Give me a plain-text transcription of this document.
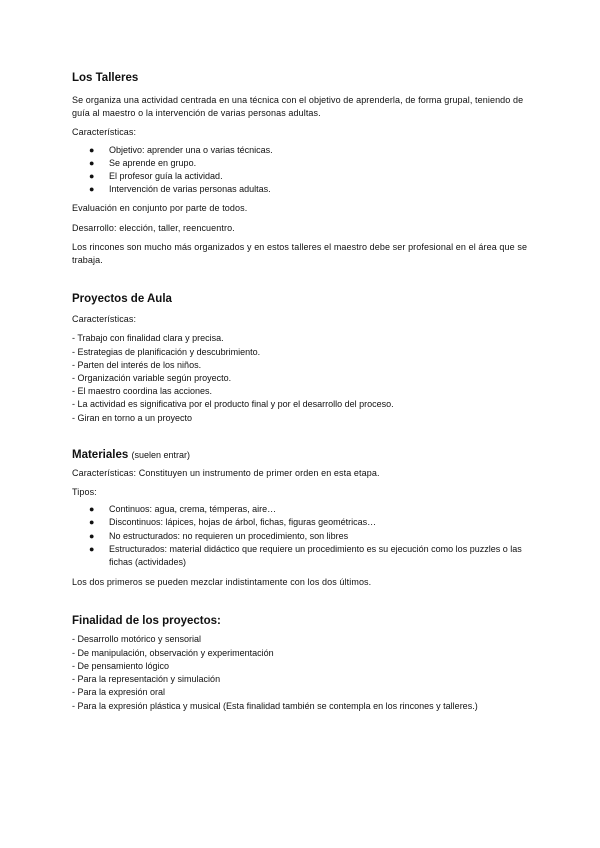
Los Talleres

Se organiza una actividad centrada en una técnica con el objetivo de aprenderla, de forma grupal, teniendo de guía al maestro o la intervención de varias personas adultas.

Características:

● Objetivo: aprender una o varias técnicas.
● Se aprende en grupo.
● El profesor guía la actividad.
● Intervención de varias personas adultas.

Evaluación en conjunto por parte de todos.

Desarrollo: elección, taller, reencuentro.

Los rincones son mucho más organizados y en estos talleres el maestro debe ser profesional en el área que se trabaja.

Proyectos de Aula

Características:

- Trabajo con finalidad clara y precisa.
- Estrategias de planificación y descubrimiento.
- Parten del interés de los niños.
- Organización variable según proyecto.
- El maestro coordina las acciones.
- La actividad es significativa por el producto final y por el desarrollo del proceso.
- Giran en torno a un proyecto

Materiales (suelen entrar)

Características: Constituyen un instrumento de primer orden en esta etapa.

Tipos:

● Continuos: agua, crema, témperas, aire…
● Discontinuos: lápices, hojas de árbol, fichas, figuras geométricas…
● No estructurados: no requieren un procedimiento, son libres
● Estructurados: material didáctico que requiere un procedimiento es su ejecución como los puzzles o las fichas (actividades)

Los dos primeros se pueden mezclar indistintamente con los dos últimos.

Finalidad de los proyectos:

- Desarrollo motórico y sensorial
- De manipulación, observación y experimentación
- De pensamiento lógico
- Para la representación y simulación
- Para la expresión oral
- Para la expresión plástica y musical (Esta finalidad también se contempla en los rincones y talleres.)
